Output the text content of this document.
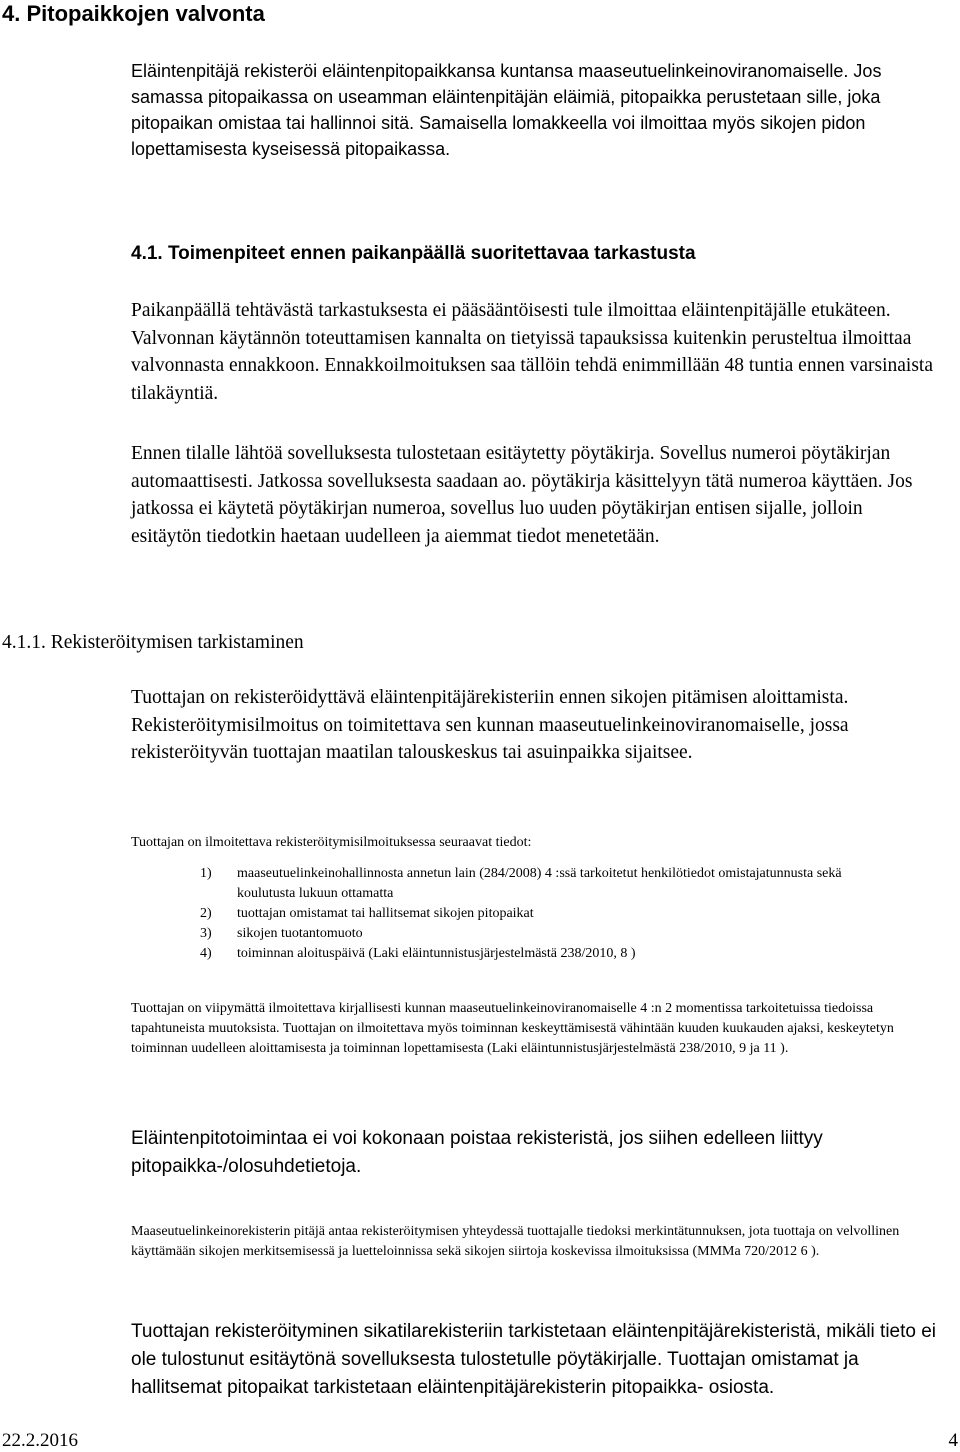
4. Pitopaikkojen valvonta

Eläintenpitäjä rekisteröi eläintenpitopaikkansa kuntansa maaseutuelinkeinoviranomaiselle. Jos samassa pitopaikassa on useamman eläintenpitäjän eläimiä, pitopaikka perustetaan sille, joka pitopaikan omistaa tai hallinnoi sitä. Samaisella lomakkeella voi ilmoittaa myös sikojen pidon lopettamisesta kyseisessä pitopaikassa.

4.1. Toimenpiteet ennen paikanpäällä suoritettavaa tarkastusta

Paikanpäällä tehtävästä tarkastuksesta ei pääsääntöisesti tule ilmoittaa eläintenpitäjälle etukäteen. Valvonnan käytännön toteuttamisen kannalta on tietyissä tapauksissa kuitenkin perusteltua ilmoittaa valvonnasta ennakkoon. Ennakkoilmoituksen saa tällöin tehdä enimmillään 48 tuntia ennen varsinaista tilakäyntiä.

Ennen tilalle lähtöä sovelluksesta tulostetaan esitäytetty pöytäkirja. Sovellus numeroi pöytäkirjan automaattisesti. Jatkossa sovelluksesta saadaan ao. pöytäkirja käsittelyyn tätä numeroa käyttäen. Jos jatkossa ei käytetä pöytäkirjan numeroa, sovellus luo uuden pöytäkirjan entisen sijalle, jolloin esitäytön tiedotkin haetaan uudelleen ja aiemmat tiedot menetetään.

4.1.1. Rekisteröitymisen tarkistaminen

Tuottajan on rekisteröidyttävä eläintenpitäjärekisteriin ennen sikojen pitämisen aloittamista. Rekisteröitymisilmoitus on toimitettava sen kunnan maaseutuelinkeinoviranomaiselle, jossa rekisteröityvän tuottajan maatilan talouskeskus tai asuinpaikka sijaitsee.

Tuottajan on ilmoitettava rekisteröitymisilmoituksessa seuraavat tiedot:

1)	maaseutuelinkeinohallinnosta annetun lain (284/2008) 4 :ssä tarkoitetut henkilötiedot omistajatunnusta sekä koulutusta lukuun ottamatta
2)	tuottajan omistamat tai hallitsemat sikojen pitopaikat
3)	sikojen tuotantomuoto
4)	toiminnan aloituspäivä (Laki eläintunnistusjärjestelmästä 238/2010, 8 )

Tuottajan on viipymättä ilmoitettava kirjallisesti kunnan maaseutuelinkeinoviranomaiselle 4 :n 2 momentissa tarkoitetuissa tiedoissa tapahtuneista muutoksista. Tuottajan on ilmoitettava myös toiminnan keskeyttämisestä vähintään kuuden kuukauden ajaksi, keskeytetyn toiminnan uudelleen aloittamisesta ja toiminnan lopettamisesta (Laki eläintunnistusjärjestelmästä 238/2010, 9 ja 11 ).

Eläintenpitotoimintaa ei voi kokonaan poistaa rekisteristä, jos siihen edelleen liittyy pitopaikka-/olosuhdetietoja.

Maaseutuelinkeinorekisterin pitäjä antaa rekisteröitymisen yhteydessä tuottajalle tiedoksi merkintätunnuksen, jota tuottaja on velvollinen käyttämään sikojen merkitsemisessä ja luetteloinnissa sekä sikojen siirtoja koskevissa ilmoituksissa (MMMa 720/2012 6 ).

Tuottajan rekisteröityminen sikatilarekisteriin tarkistetaan eläintenpitäjärekisteristä, mikäli tieto ei ole tulostunut esitäytönä sovelluksesta tulostetulle pöytäkirjalle. Tuottajan omistamat ja hallitsemat pitopaikat tarkistetaan eläintenpitäjärekisterin pitopaikka- osiosta.

22.2.2016	4
